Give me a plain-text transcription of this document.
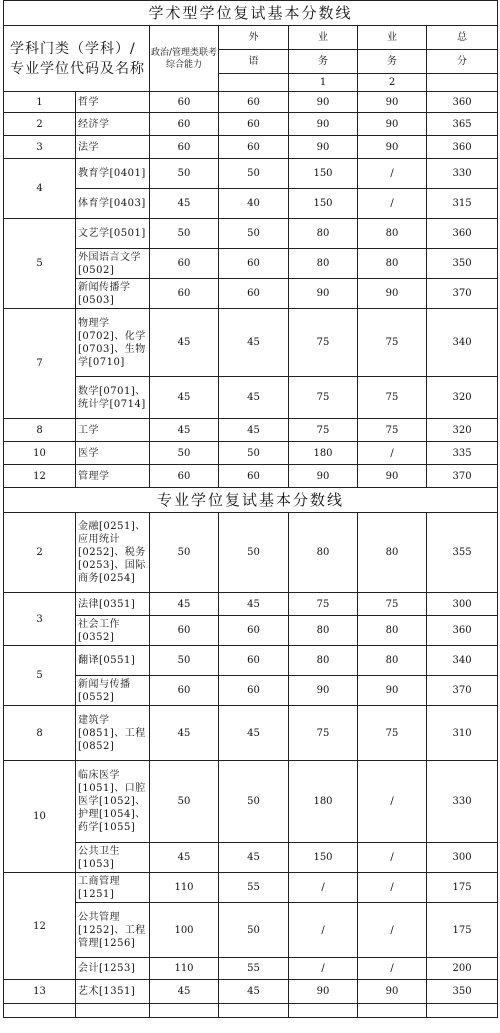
学术型学位复试基本分数线						
学科门类（学科）/专业学位代码及名称		政治/管理类联考综合能力	外	业	业	总
			语	务	务	分
				1	2	
1	哲学	60	60	90	90	360
2	经济学	60	60	90	90	365
3	法学	60	60	90	90	360
4	教育学[0401]	50	50	150	/	330
	体育学[0403]	45	40	150	/	315
5	文艺学[0501]	50	50	80	80	360
	外国语言文学[0502]	60	60	80	80	350
	新闻传播学[0503]	60	60	90	90	370
7	物理学[0702]、化学[0703]、生物学[0710]	45	45	75	75	340
	数学[0701]、统计学[0714]	45	45	75	75	320
8	工学	45	45	75	75	320
10	医学	50	50	180	/	335
12	管理学	60	60	90	90	370
专业学位复试基本分数线						
2	金融[0251]、应用统计[0252]、税务[0253]、国际商务[0254]	50	50	80	80	355
3	法律[0351]	45	45	75	75	300
	社会工作[0352]	60	60	80	80	360
5	翻译[0551]	50	60	80	80	340
	新闻与传播[0552]	60	60	90	90	370
8	建筑学[0851]、工程[0852]	45	45	75	75	310
10	临床医学[1051]、口腔医学[1052]、护理[1054]、药学[1055]	50	50	180	/	330
	公共卫生[1053]	45	45	150	/	300
12	工商管理[1251]	110	55	/	/	175
	公共管理[1252]、工程管理[1256]	100	50	/	/	175
	会计[1253]	110	55	/	/	200
13	艺术[1351]	45	45	90	90	350
